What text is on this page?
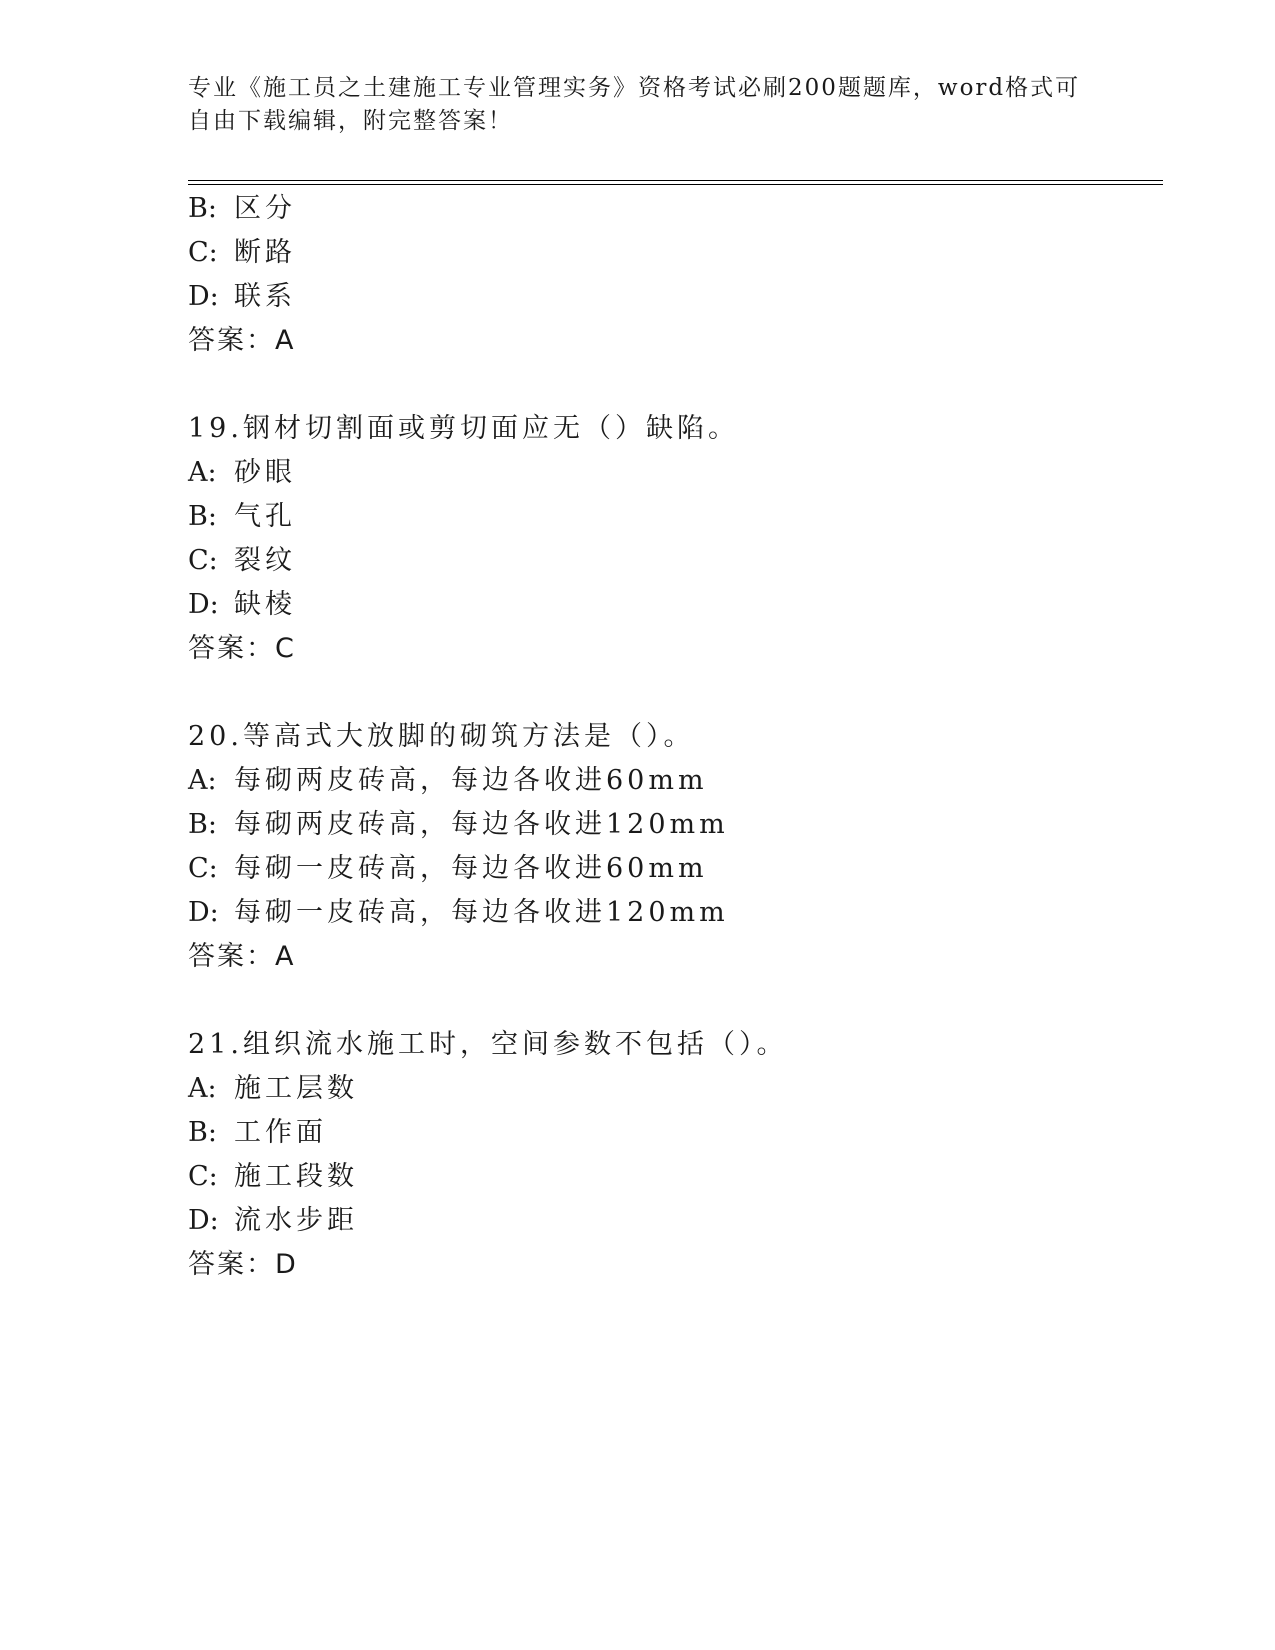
专业《施工员之土建施工专业管理实务》资格考试必刷200题题库，word格式可
自由下载编辑，附完整答案！
B: 区分
C: 断路
D: 联系
答案：A
19.钢材切割面或剪切面应无（）缺陷。
A: 砂眼
B: 气孔
C: 裂纹
D: 缺棱
答案：C
20.等高式大放脚的砌筑方法是（）。
A: 每砌两皮砖高，每边各收进60mm
B: 每砌两皮砖高，每边各收进120mm
C: 每砌一皮砖高，每边各收进60mm
D: 每砌一皮砖高，每边各收进120mm
答案：A
21.组织流水施工时，空间参数不包括（）。
A: 施工层数
B: 工作面
C: 施工段数
D: 流水步距
答案：D
